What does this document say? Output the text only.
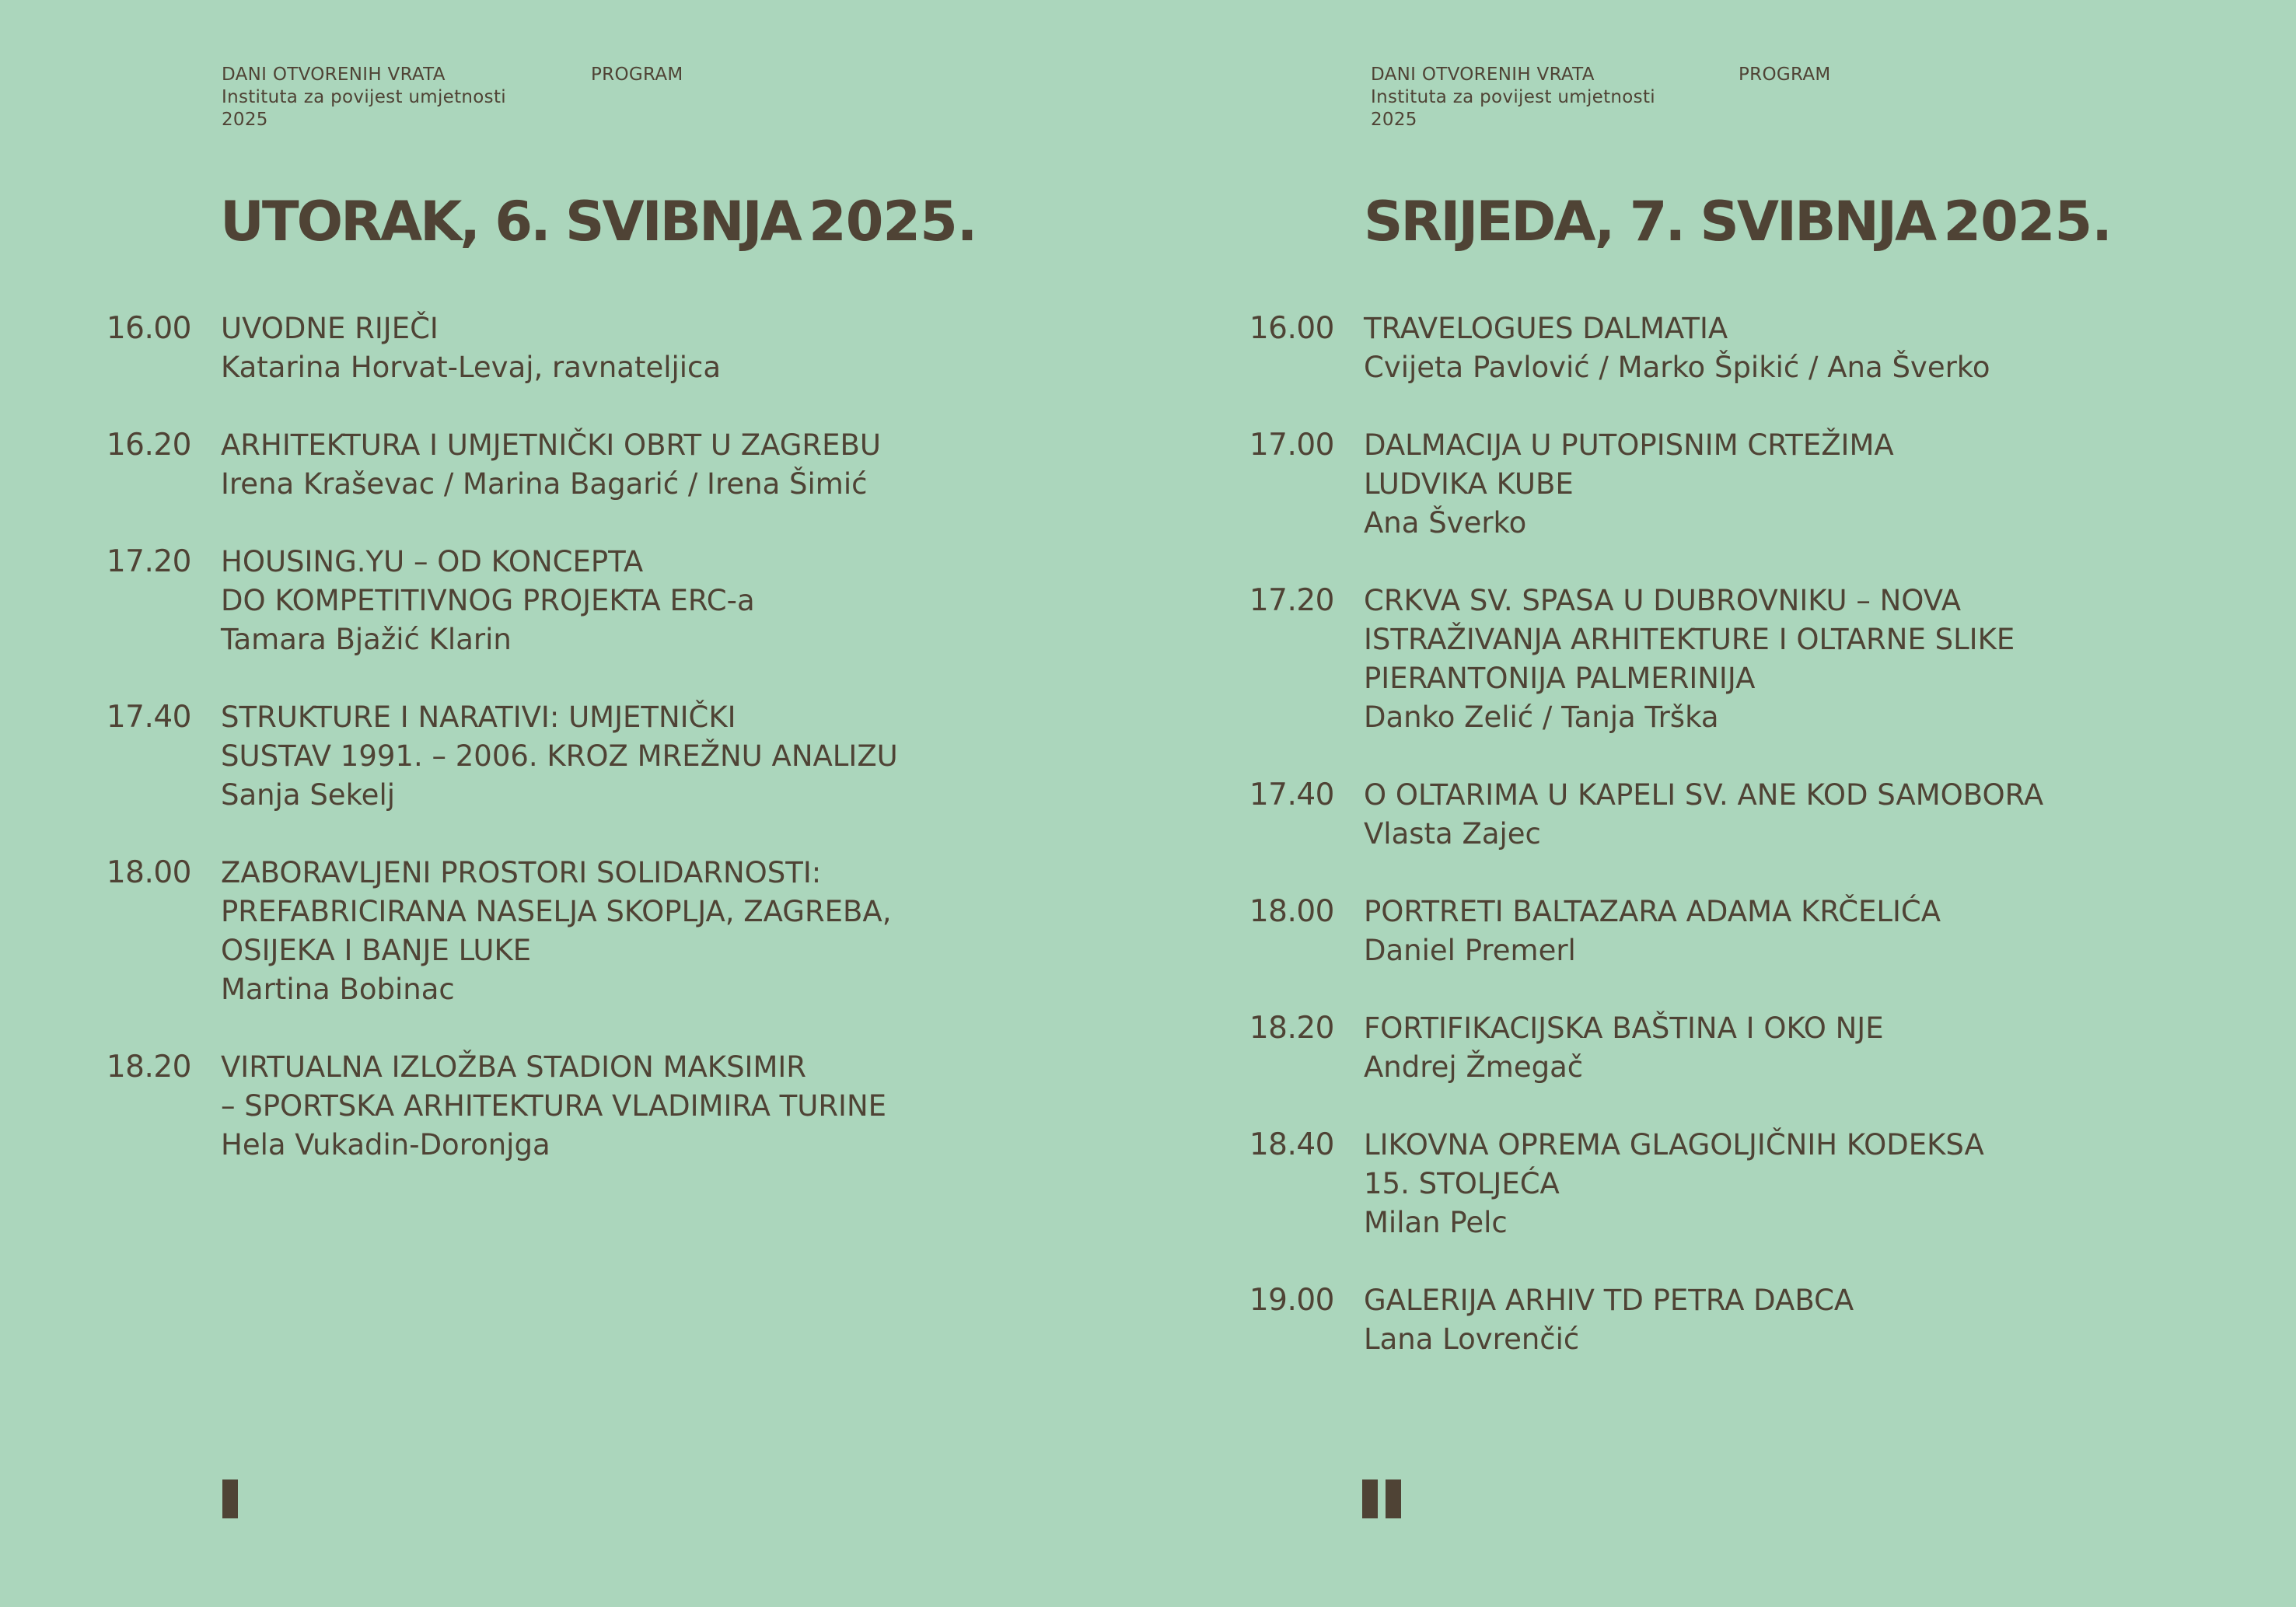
DANI OTVORENIH VRATA
Instituta za povijest umjetnosti
2025
PROGRAM
UTORAK, 6. SVIBNJA 2025.
16.00 UVODNE RIJEČI
Katarina Horvat-Levaj, ravnateljica
16.20 ARHITEKTURA I UMJETNIČKI OBRT U ZAGREBU
Irena Kraševac / Marina Bagarić / Irena Šimić
17.20 HOUSING.YU – OD KONCEPTA
DO KOMPETITIVNOG PROJEKTA ERC-a
Tamara Bjažić Klarin
17.40 STRUKTURE I NARATIVI: UMJETNIČKI
SUSTAV 1991. – 2006. KROZ MREŽNU ANALIZU
Sanja Sekelj
18.00 ZABORAVLJENI PROSTORI SOLIDARNOSTI:
PREFABRICIRANA NASELJA SKOPLJA, ZAGREBA,
OSIJEKA I BANJE LUKE
Martina Bobinac
18.20 VIRTUALNA IZLOŽBA STADION MAKSIMIR
– SPORTSKA ARHITEKTURA VLADIMIRA TURINE
Hela Vukadin-Doronjga
DANI OTVORENIH VRATA
Instituta za povijest umjetnosti
2025
PROGRAM
SRIJEDA, 7. SVIBNJA 2025.
16.00 TRAVELOGUES DALMATIA
Cvijeta Pavlović / Marko Špikić / Ana Šverko
17.00 DALMACIJA U PUTOPISNIM CRTEŽIMA
LUDVIKA KUBE
Ana Šverko
17.20 CRKVA SV. SPASA U DUBROVNIKU – NOVA
ISTRAŽIVANJA ARHITEKTURE I OLTARNE SLIKE
PIERANTONIJA PALMERINIJA
Danko Zelić / Tanja Trška
17.40 O OLTARIMA U KAPELI SV. ANE KOD SAMOBORA
Vlasta Zajec
18.00 PORTRETI BALTAZARA ADAMA KRČELIĆA
Daniel Premerl
18.20 FORTIFIKACIJSKA BAŠTINA I OKO NJE
Andrej Žmegač
18.40 LIKOVNA OPREMA GLAGOLJIČNIH KODEKSA
15. STOLJEĆA
Milan Pelc
19.00 GALERIJA ARHIV TD PETRA DABCA
Lana Lovrenčić
